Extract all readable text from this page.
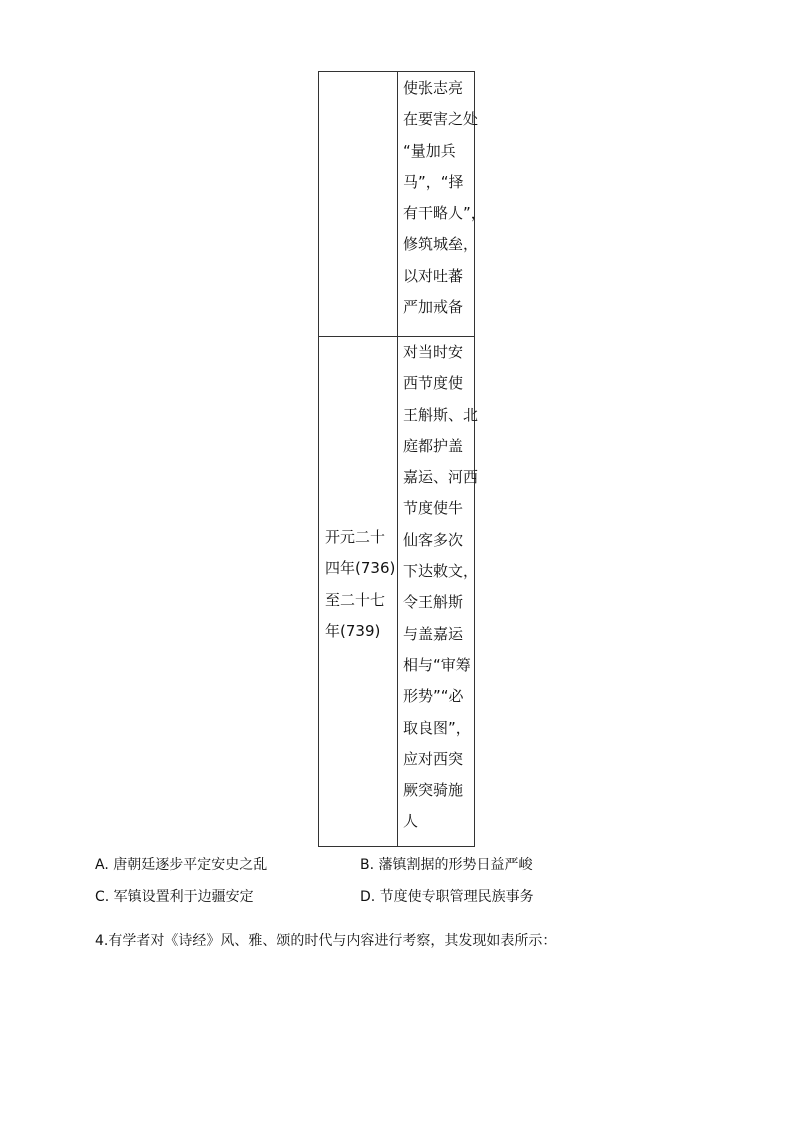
使张志亮
在要害之处
“量加兵
马”，“择
有干略人”，
修筑城垒，
以对吐蕃
严加戒备
对当时安
西节度使
王斛斯、北
庭都护盖
嘉运、河西
节度使牛
仙客多次
下达敕文，
令王斛斯
与盖嘉运
相与“审筹
形势”“必
取良图”，
应对西突
厥突骑施
人
开元二十
四年(736)
至二十七
年(739)
A. 唐朝廷逐步平定安史之乱	B. 藩镇割据的形势日益严峻
C. 军镇设置利于边疆安定	D. 节度使专职管理民族事务
4.有学者对《诗经》风、雅、颂的时代与内容进行考察，其发现如表所示：
